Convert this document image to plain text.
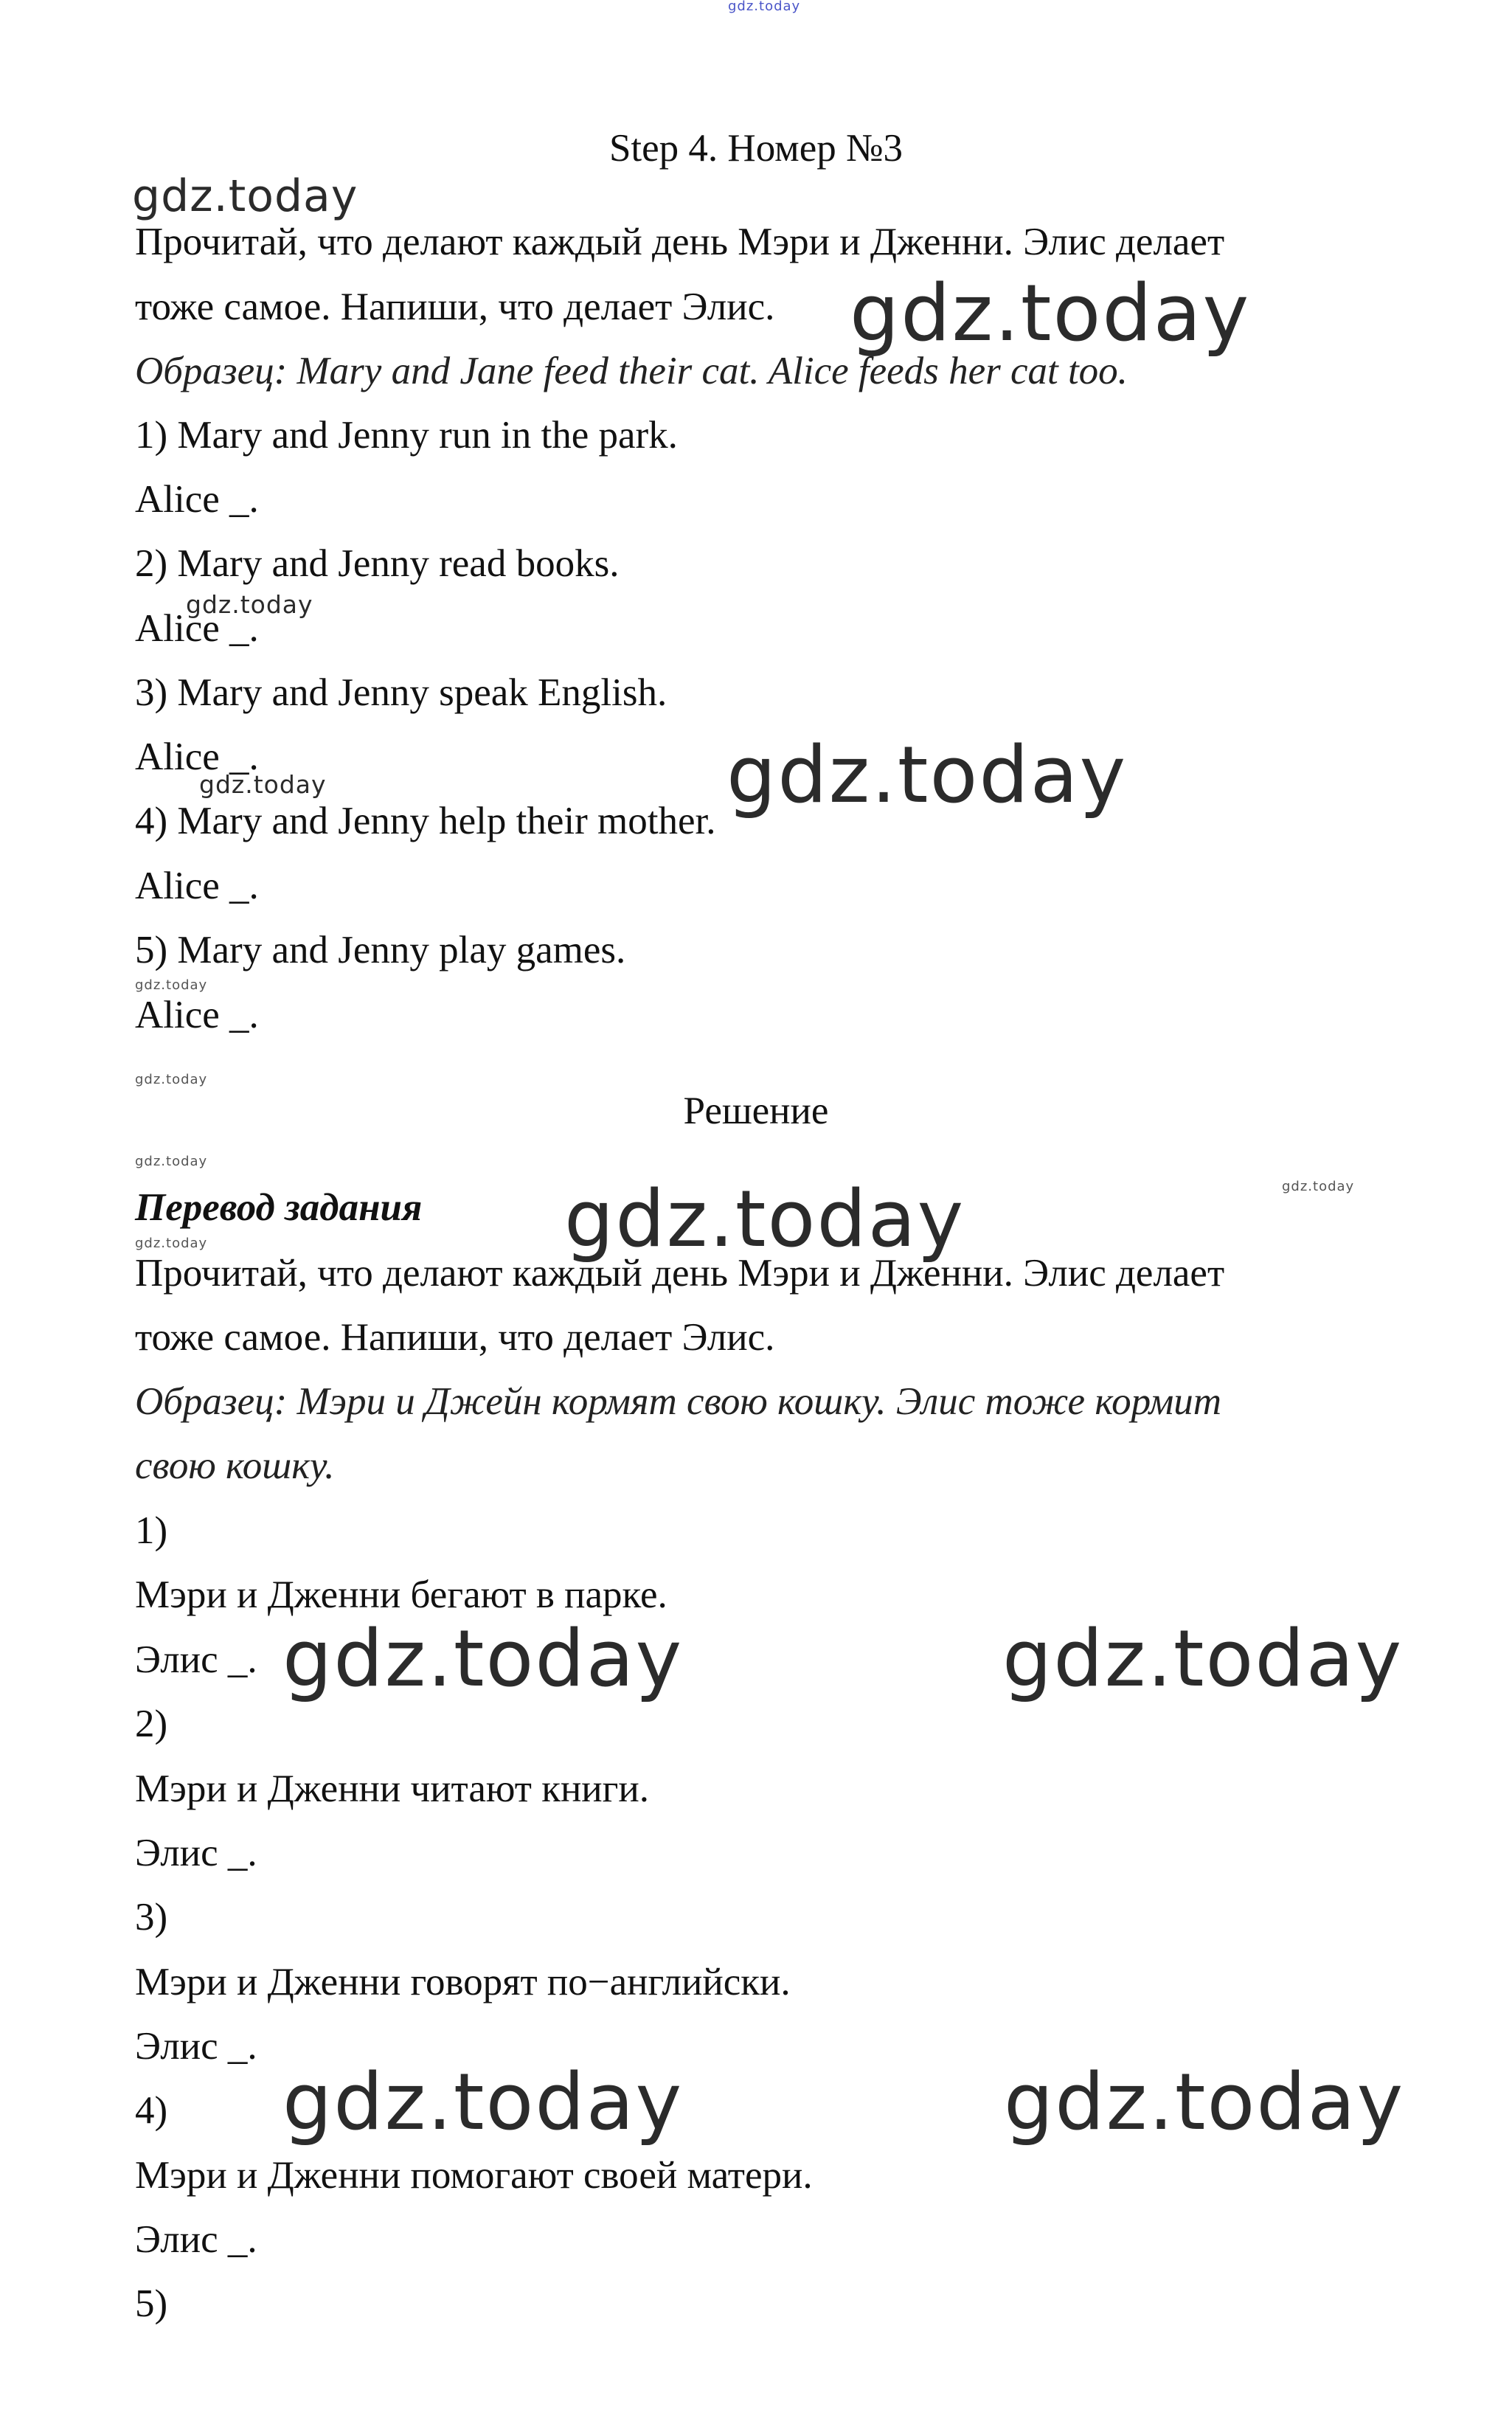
gdz.today
gdz.today
gdz.today
gdz.today
gdz.today
gdz.today
gdz.today
gdz.today
gdz.today
gdz.today
gdz.today
gdz.today
gdz.today	gdz.today
gdz.today	gdz.today
Step 4. Номер №3
Прочитай, что делают каждый день Мэри и Дженни. Элис делает
тоже самое. Напиши, что делает Элис.
Образец: Mary and Jane feed their cat. Alice feeds her cat too.
1) Mary and Jenny run in the park.
Alice _.
2) Mary and Jenny read books.
Alice _.
3) Mary and Jenny speak English.
Alice _.
4) Mary and Jenny help their mother.
Alice _.
5) Mary and Jenny play games.
Alice _.
Решение
Перевод задания
Прочитай, что делают каждый день Мэри и Дженни. Элис делает
тоже самое. Напиши, что делает Элис.
Образец: Мэри и Джейн кормят свою кошку. Элис тоже кормит
свою кошку.
1)
Мэри и Дженни бегают в парке.
Элис _.
2)
Мэри и Дженни читают книги.
Элис _.
3)
Мэри и Дженни говорят по−английски.
Элис _.
4)
Мэри и Дженни помогают своей матери.
Элис _.
5)
